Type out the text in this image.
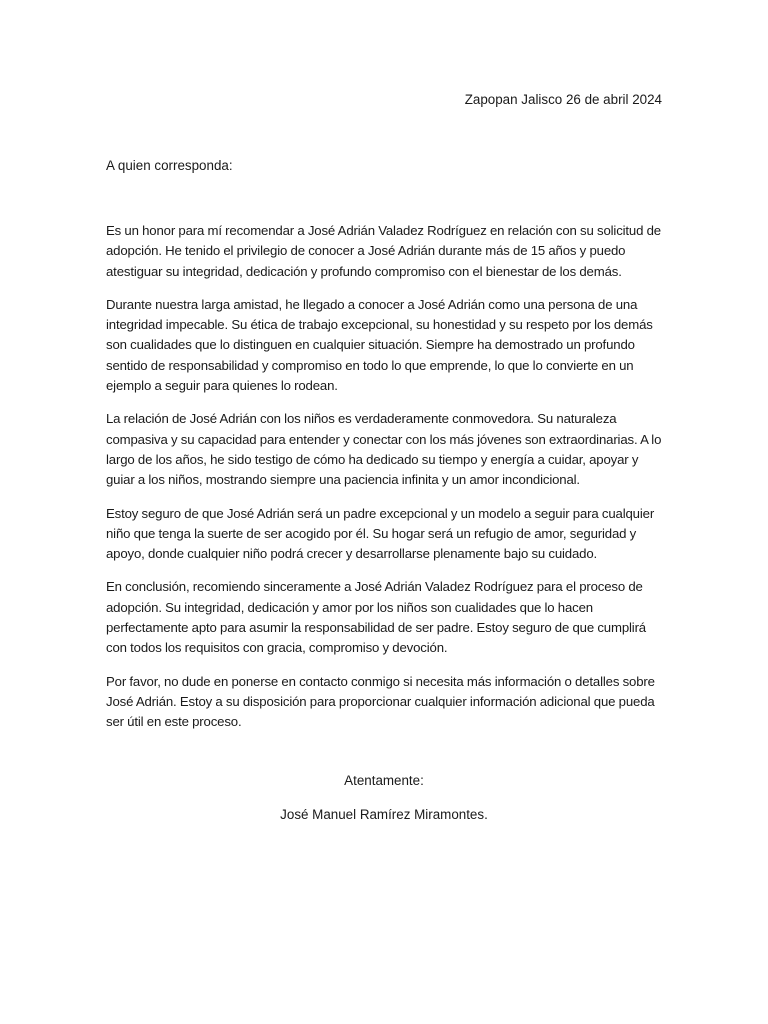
Zapopan Jalisco 26 de abril 2024
A quien corresponda:

Es un honor para mí recomendar a José Adrián Valadez Rodríguez en relación con su solicitud de adopción. He tenido el privilegio de conocer a José Adrián durante más de 15 años y puedo atestiguar su integridad, dedicación y profundo compromiso con el bienestar de los demás.

Durante nuestra larga amistad, he llegado a conocer a José Adrián como una persona de una integridad impecable. Su ética de trabajo excepcional, su honestidad y su respeto por los demás son cualidades que lo distinguen en cualquier situación. Siempre ha demostrado un profundo sentido de responsabilidad y compromiso en todo lo que emprende, lo que lo convierte en un ejemplo a seguir para quienes lo rodean.

La relación de José Adrián con los niños es verdaderamente conmovedora. Su naturaleza compasiva y su capacidad para entender y conectar con los más jóvenes son extraordinarias. A lo largo de los años, he sido testigo de cómo ha dedicado su tiempo y energía a cuidar, apoyar y guiar a los niños, mostrando siempre una paciencia infinita y un amor incondicional.

Estoy seguro de que José Adrián será un padre excepcional y un modelo a seguir para cualquier niño que tenga la suerte de ser acogido por él. Su hogar será un refugio de amor, seguridad y apoyo, donde cualquier niño podrá crecer y desarrollarse plenamente bajo su cuidado.

En conclusión, recomiendo sinceramente a José Adrián Valadez Rodríguez para el proceso de adopción. Su integridad, dedicación y amor por los niños son cualidades que lo hacen perfectamente apto para asumir la responsabilidad de ser padre. Estoy seguro de que cumplirá con todos los requisitos con gracia, compromiso y devoción.

Por favor, no dude en ponerse en contacto conmigo si necesita más información o detalles sobre José Adrián. Estoy a su disposición para proporcionar cualquier información adicional que pueda ser útil en este proceso.

Atentamente:
José Manuel Ramírez Miramontes.
